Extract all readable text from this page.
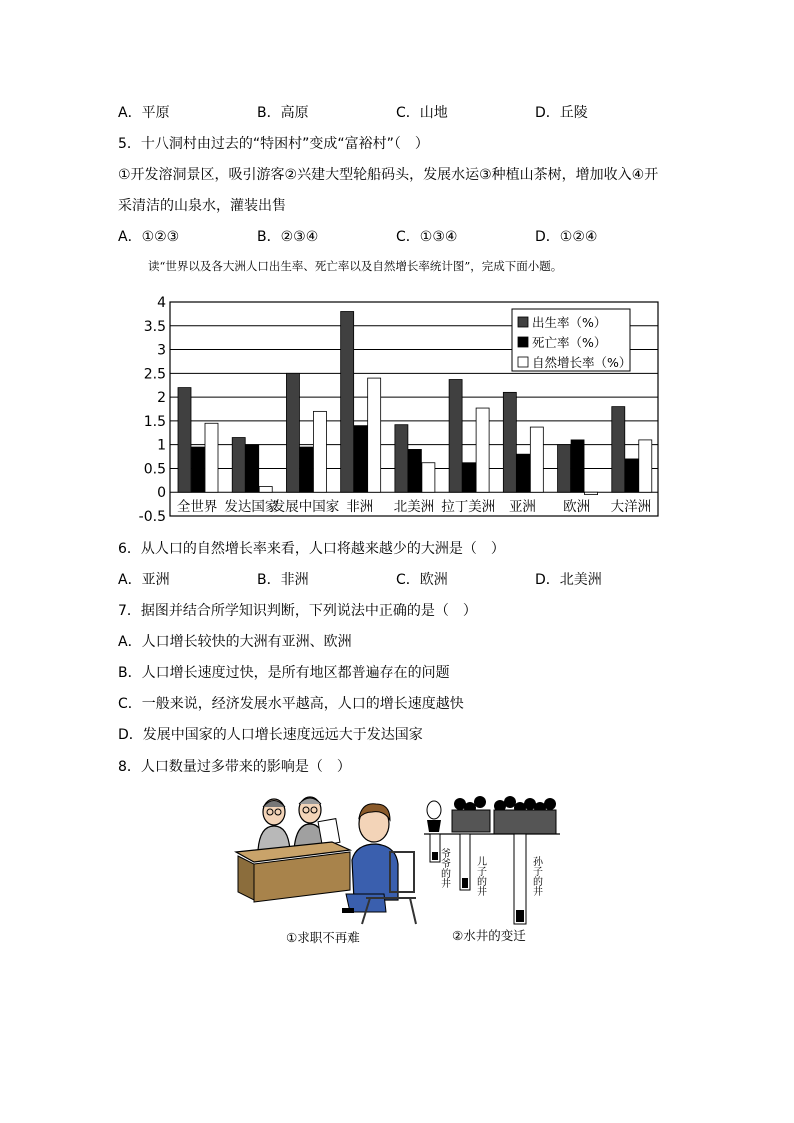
A．平原	B．高原	C．山地	D．丘陵
5．十八洞村由过去的“特困村”变成“富裕村”（　）
①开发溶洞景区，吸引游客②兴建大型轮船码头，发展水运③种植山茶树，增加收入④开
采清洁的山泉水，灌装出售
A．①②③	B．②③④	C．①③④	D．①②④
读“世界以及各大洲人口出生率、死亡率以及自然增长率统计图”，完成下面小题。
4
3.5
3
2.5
2
1.5
1
0.5
0
-0.5
全世界 发达国家
发展中国家 非洲 北美洲 拉丁美洲 亚洲 欧洲 大洋洲
出生率（%）
死亡率（%）
自然增长率（%）
6．从人口的自然增长率来看，人口将越来越少的大洲是（　）
A．亚洲	B．非洲	C．欧洲	D．北美洲
7．据图并结合所学知识判断，下列说法中正确的是（　）
A．人口增长较快的大洲有亚洲、欧洲
B．人口增长速度过快，是所有地区都普遍存在的问题
C．一般来说，经济发展水平越高，人口的增长速度越快
D．发展中国家的人口增长速度远远大于发达国家
8．人口数量过多带来的影响是（　）
①求职不再难
爷爷的井	儿子的井	孙子的井
②水井的变迁
